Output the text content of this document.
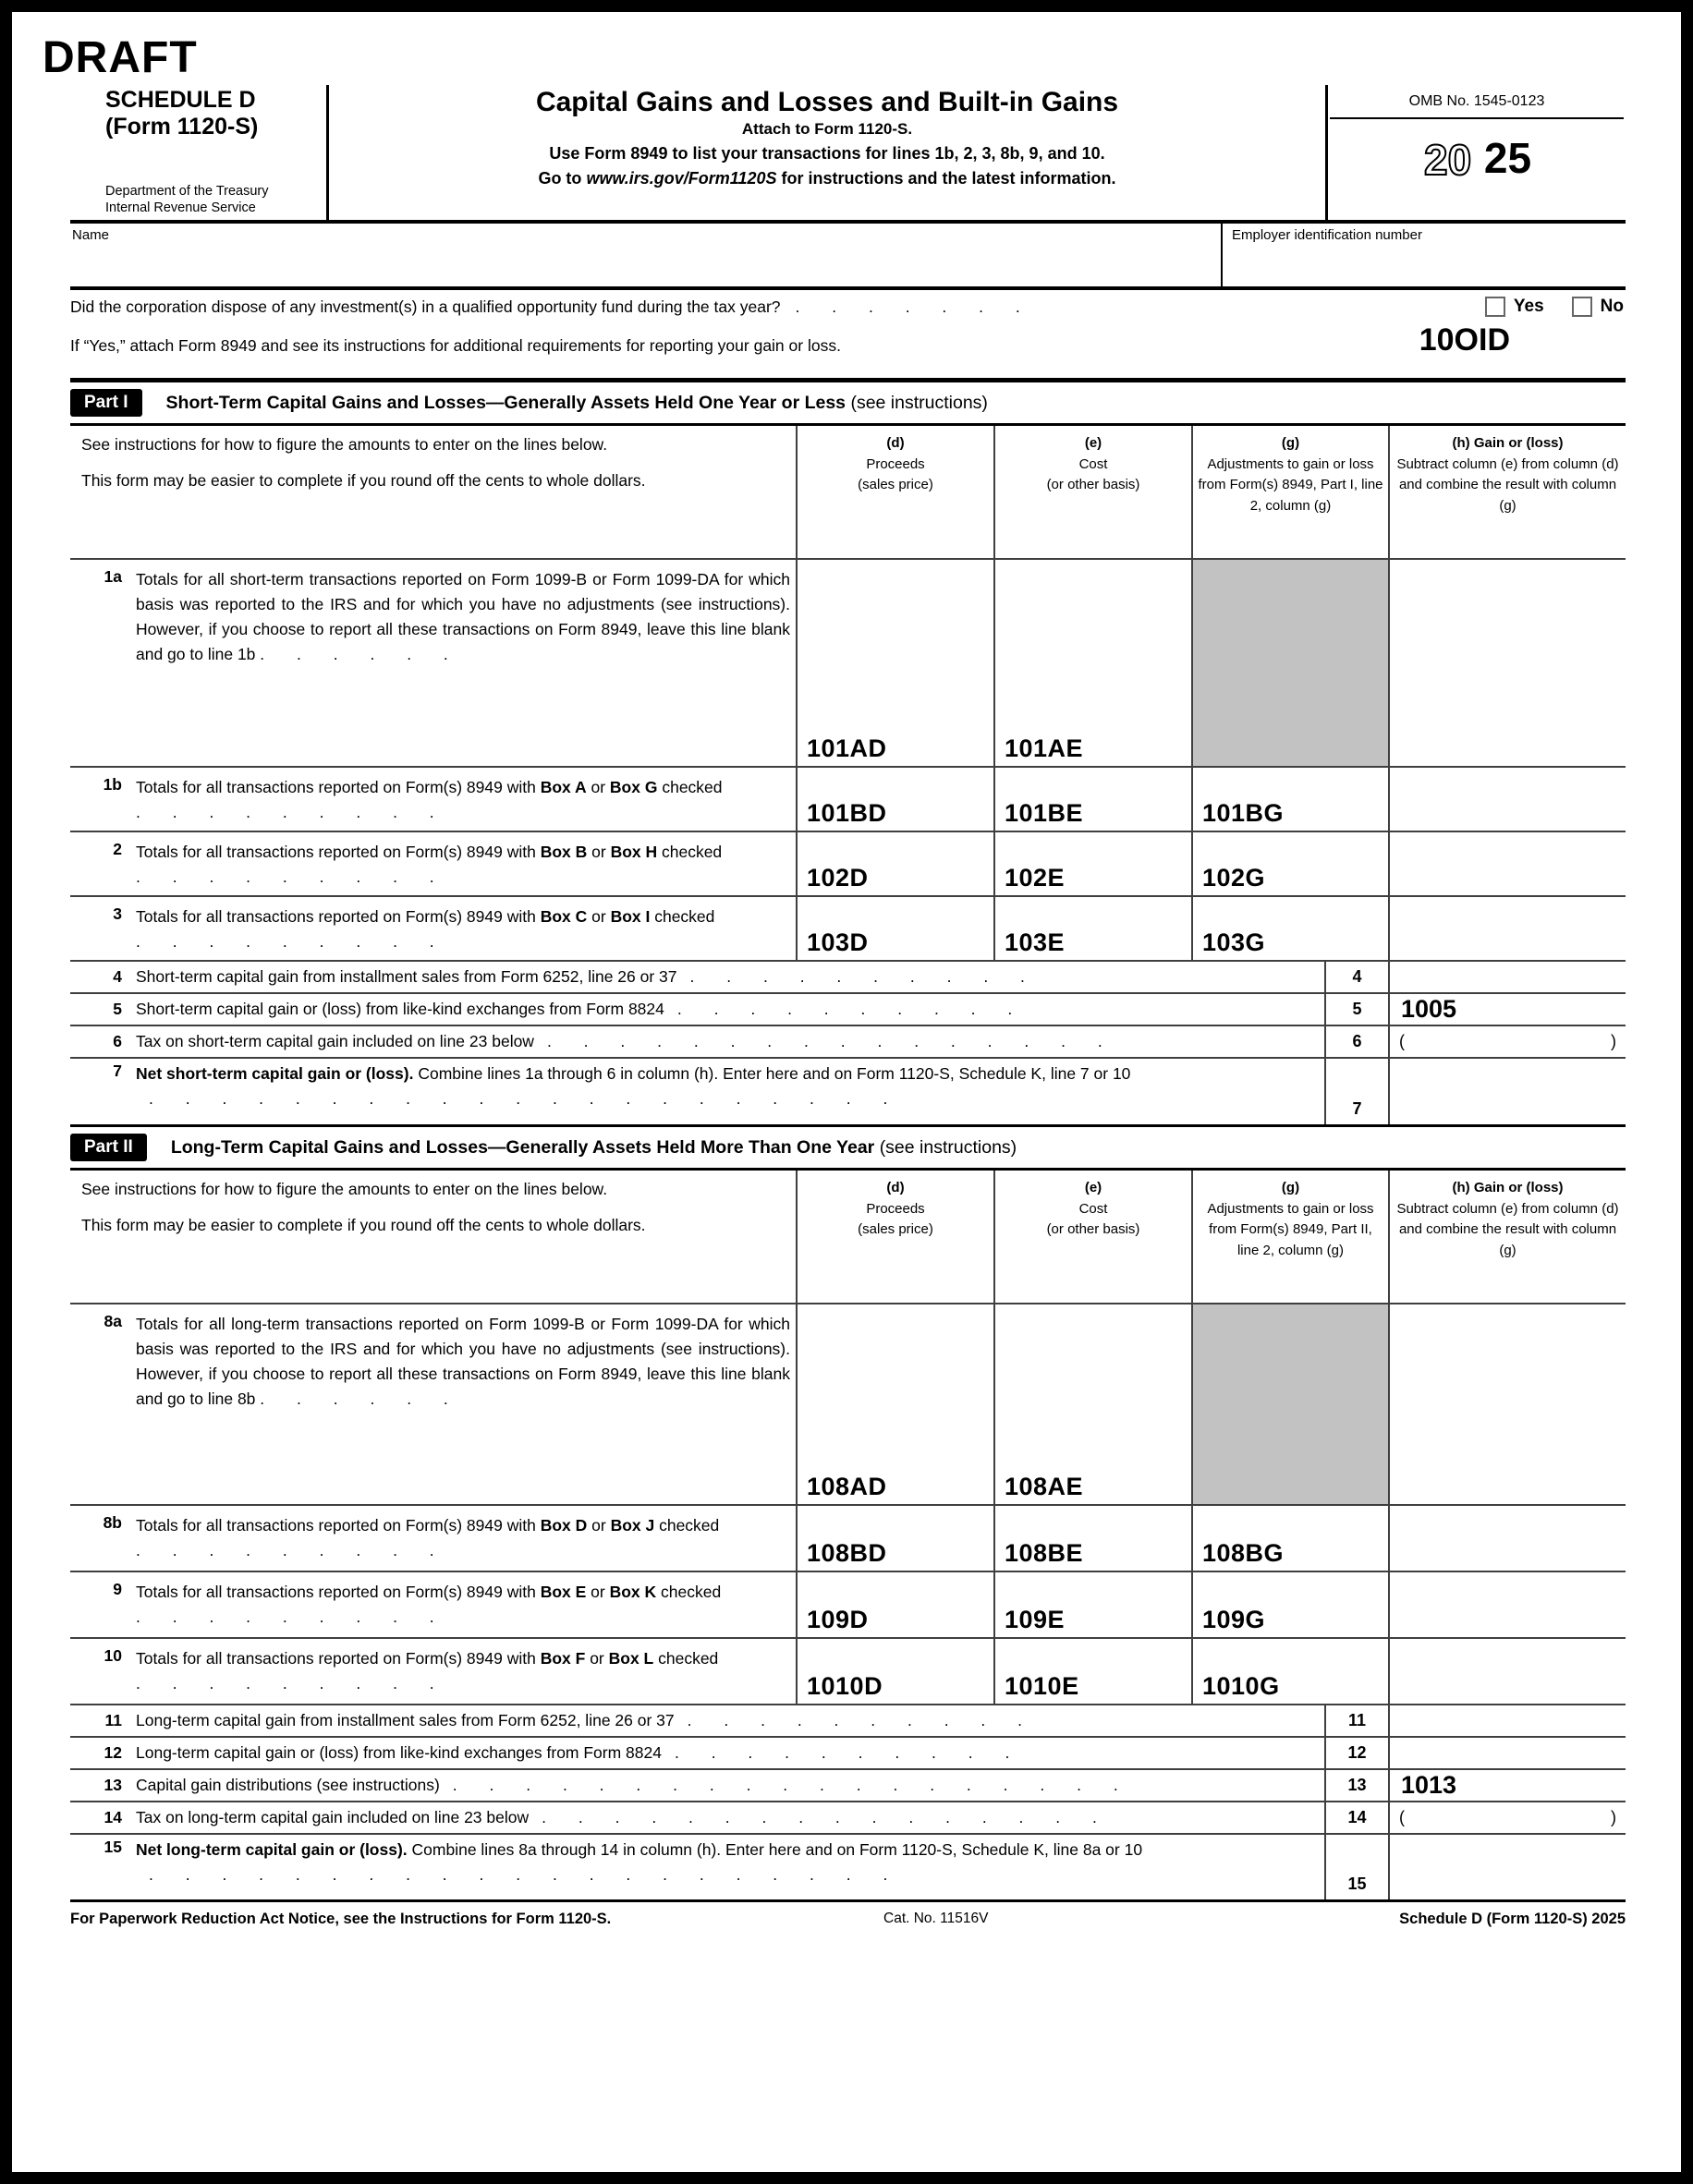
DRAFT
SCHEDULE D
(Form 1120-S)
Department of the Treasury
Internal Revenue Service
Capital Gains and Losses and Built-in Gains
Attach to Form 1120-S.
Use Form 8949 to list your transactions for lines 1b, 2, 3, 8b, 9, and 10.
Go to www.irs.gov/Form1120S for instructions and the latest information.
OMB No. 1545-0123
20 25
Name	Employer identification number
Did the corporation dispose of any investment(s) in a qualified opportunity fund during the tax year? . . . . . . .	Yes	No
If “Yes,” attach Form 8949 and see its instructions for additional requirements for reporting your gain or loss.	10OID
Part I	Short-Term Capital Gains and Losses—Generally Assets Held One Year or Less (see instructions)

See instructions for how to figure the amounts to enter on the lines below.

This form may be easier to complete if you round off the cents to whole dollars.

(d)
Proceeds
(sales price)
(e)
Cost
(or other basis)
(g)
Adjustments to gain or loss from Form(s) 8949, Part I, line 2, column (g)
(h) Gain or (loss)
Subtract column (e) from column (d) and combine the result with column (g)
1a Totals for all short-term transactions reported on Form 1099-B or Form 1099-DA for which basis was reported to the IRS and for which you have no adjustments (see instructions). However, if you choose to report all these transactions on Form 8949, leave this line blank and go to line 1b . . . . . .

101AD	101AE
1b Totals for all transactions reported on Form(s) 8949 with Box A or Box G checked . . . . . . . . .	101BD	101BE	101BG
2 Totals for all transactions reported on Form(s) 8949 with Box B or Box H checked . . . . . . . . .	102D	102E	102G
3 Totals for all transactions reported on Form(s) 8949 with Box C or Box I checked . . . . . . . . .	103D	103E	103G
4 Short-term capital gain from installment sales from Form 6252, line 26 or 37 . . . . . . . . . .	4
5 Short-term capital gain or (loss) from like-kind exchanges from Form 8824 . . . . . . . . . .	5 1005
6 Tax on short-term capital gain included on line 23 below . . . . . . . . . . . . . . . .	6 (	)
7 Net short-term capital gain or (loss). Combine lines 1a through 6 in column (h). Enter here and on Form 1120-S, Schedule K, line 7 or 10 . . . . . . . . . . . . . . . . . . . . .
7
Part II	Long-Term Capital Gains and Losses—Generally Assets Held More Than One Year (see instructions)

See instructions for how to figure the amounts to enter on the lines below.

This form may be easier to complete if you round off the cents to whole dollars.

(d)
Proceeds
(sales price)
(e)
Cost
(or other basis)
(g)
Adjustments to gain or loss from Form(s) 8949, Part II, line 2, column (g)
(h) Gain or (loss)
Subtract column (e) from column (d) and combine the result with column (g)
8a Totals for all long-term transactions reported on Form 1099-B or Form 1099-DA for which basis was reported to the IRS and for which you have no adjustments (see instructions). However, if you choose to report all these transactions on Form 8949, leave this line blank and go to line 8b . . . . . .

108AD	108AE
8b Totals for all transactions reported on Form(s) 8949 with Box D or Box J checked . . . . . . . . .	108BD	108BE	108BG
9 Totals for all transactions reported on Form(s) 8949 with Box E or Box K checked . . . . . . . . .	109D	109E	109G
10 Totals for all transactions reported on Form(s) 8949 with Box F or Box L checked . . . . . . . . .	1010D	1010E	1010G
11 Long-term capital gain from installment sales from Form 6252, line 26 or 37 . . . . . . . . . .	11
12 Long-term capital gain or (loss) from like-kind exchanges from Form 8824 . . . . . . . . . .	12
13 Capital gain distributions (see instructions) . . . . . . . . . . . . . . . . . . .	13 1013
14 Tax on long-term capital gain included on line 23 below . . . . . . . . . . . . . . . .	14 (	)
15 Net long-term capital gain or (loss). Combine lines 8a through 14 in column (h). Enter here and on Form 1120-S, Schedule K, line 8a or 10 . . . . . . . . . . . . . . . . . . . . .	15
For Paperwork Reduction Act Notice, see the Instructions for Form 1120-S.	Cat. No. 11516V	Schedule D (Form 1120-S) 2025
